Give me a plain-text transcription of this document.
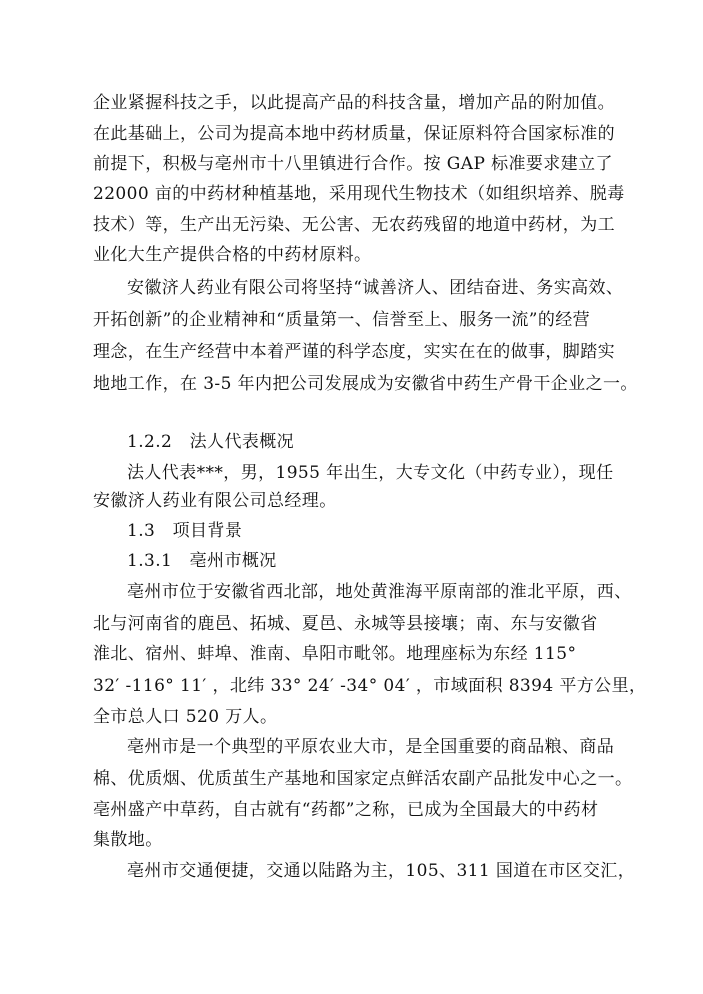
企业紧握科技之手，以此提高产品的科技含量，增加产品的附加值。
在此基础上，公司为提高本地中药材质量，保证原料符合国家标准的
前提下，积极与亳州市十八里镇进行合作。按 GAP 标准要求建立了
22000 亩的中药材种植基地，采用现代生物技术（如组织培养、脱毒
技术）等，生产出无污染、无公害、无农药残留的地道中药材，为工
业化大生产提供合格的中药材原料。
安徽济人药业有限公司将坚持“诚善济人、团结奋进、务实高效、
开拓创新”的企业精神和“质量第一、信誉至上、服务一流”的经营
理念，在生产经营中本着严谨的科学态度，实实在在的做事，脚踏实
地地工作，在 3-5 年内把公司发展成为安徽省中药生产骨干企业之一。
1.2.2　法人代表概况
法人代表***，男，1955 年出生，大专文化（中药专业），现任
安徽济人药业有限公司总经理。
1.3　项目背景
1.3.1　亳州市概况
亳州市位于安徽省西北部，地处黄淮海平原南部的淮北平原，西、
北与河南省的鹿邑、拓城、夏邑、永城等县接壤；南、东与安徽省
淮北、宿州、蚌埠、淮南、阜阳市毗邻。地理座标为东经 115°
32′ -116° 11′ ，北纬 33° 24′ -34° 04′ ，市域面积 8394 平方公里，
全市总人口 520 万人。
亳州市是一个典型的平原农业大市，是全国重要的商品粮、商品
棉、优质烟、优质茧生产基地和国家定点鲜活农副产品批发中心之一。
亳州盛产中草药，自古就有“药都”之称，已成为全国最大的中药材
集散地。
亳州市交通便捷，交通以陆路为主，105、311 国道在市区交汇，
